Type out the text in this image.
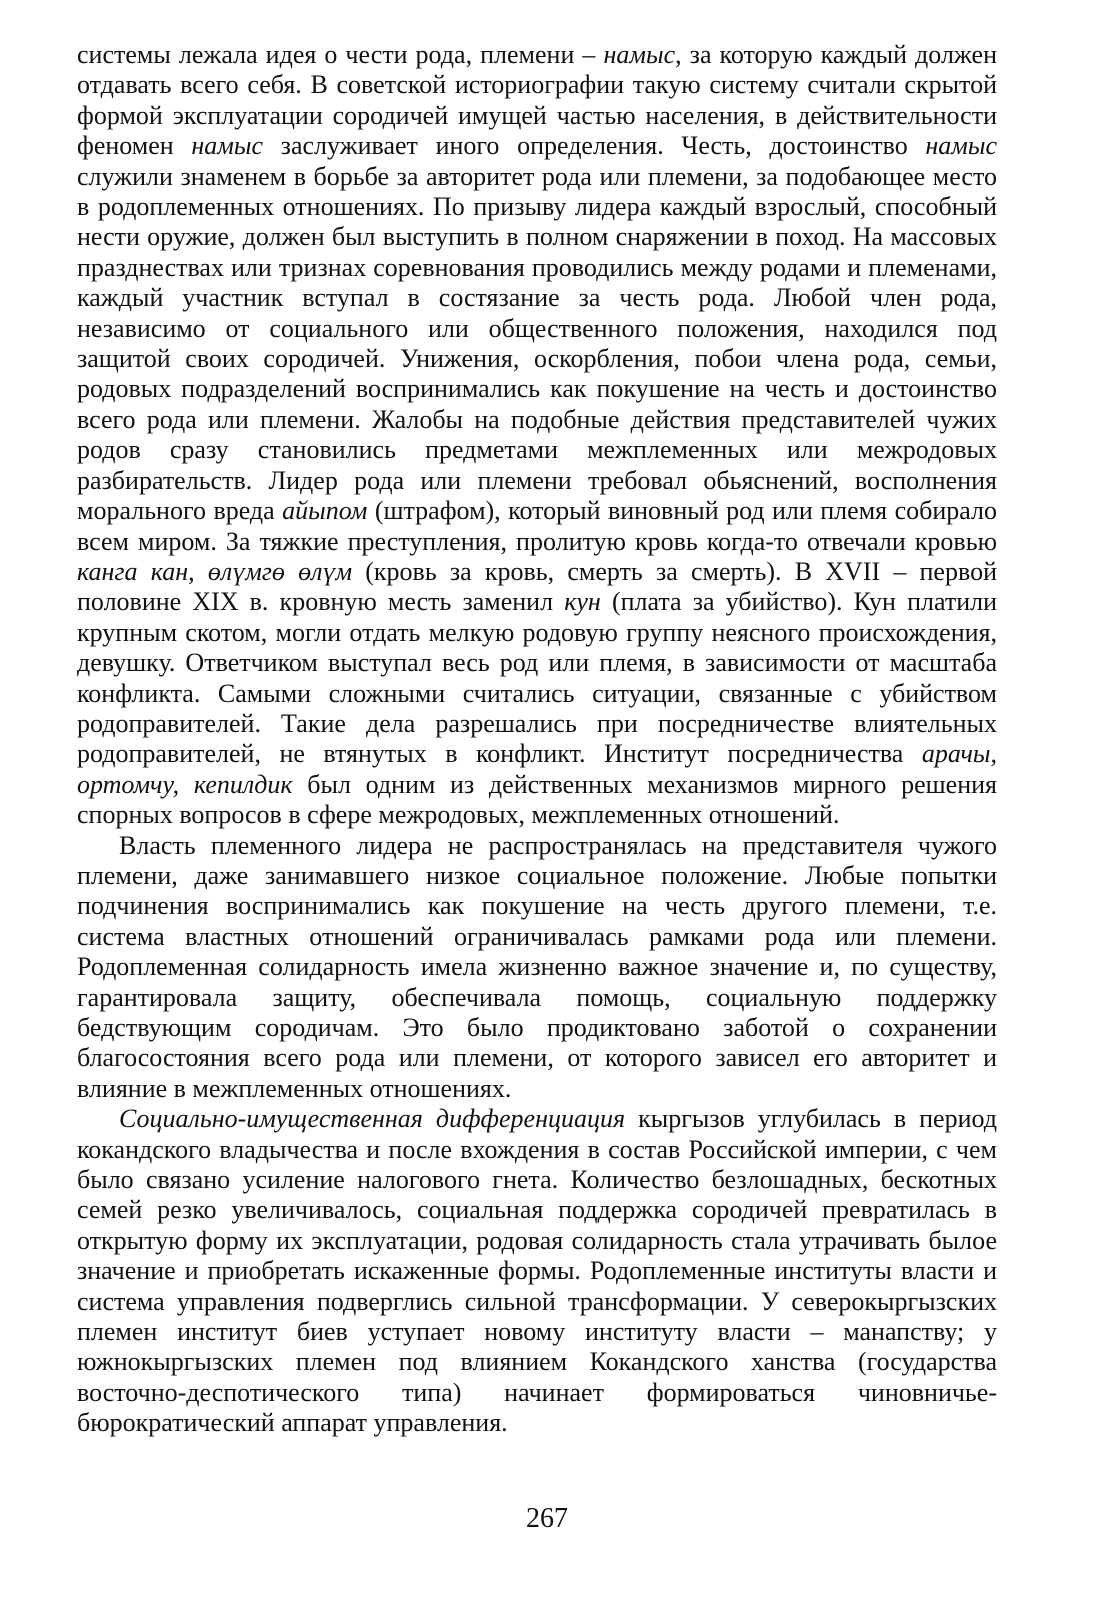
системы лежала идея о чести рода, племени – намыс, за которую каждый должен отдавать всего себя. В советской историографии такую систему считали скрытой формой эксплуатации сородичей имущей частью населения, в действительности феномен намыс заслуживает иного определения. Честь, достоинство намыс служили знаменем в борьбе за авторитет рода или племени, за подобающее место в родоплеменных отношениях. По призыву лидера каждый взрослый, способный нести оружие, должен был выступить в полном снаряжении в поход. На массовых празднествах или тризнах соревнования проводились между родами и племенами, каждый участник вступал в состязание за честь рода. Любой член рода, независимо от социального или общественного положения, находился под защитой своих сородичей. Унижения, оскорбления, побои члена рода, семьи, родовых подразделений воспринимались как покушение на честь и достоинство всего рода или племени. Жалобы на подобные действия представителей чужих родов сразу становились предметами межплеменных или межродовых разбирательств. Лидер рода или племени требовал обьяснений, восполнения морального вреда айыпом (штрафом), который виновный род или племя собирало всем миром. За тяжкие преступления, пролитую кровь когда-то отвечали кровью канга кан, өлүмгө өлүм (кровь за кровь, смерть за смерть). В XVII – первой половине XIX в. кровную месть заменил кун (плата за убийство). Кун платили крупным скотом, могли отдать мелкую родовую группу неясного происхождения, девушку. Ответчиком выступал весь род или племя, в зависимости от масштаба конфликта. Самыми сложными считались ситуации, связанные с убийством родоправителей. Такие дела разрешались при посредничестве влиятельных родоправителей, не втянутых в конфликт. Институт посредничества арачы, ортомчу, кепилдик был одним из действенных механизмов мирного решения спорных вопросов в сфере межродовых, межплеменных отношений.

Власть племенного лидера не распространялась на представителя чужого племени, даже занимавшего низкое социальное положение. Любые попытки подчинения воспринимались как покушение на честь другого племени, т.е. система властных отношений ограничивалась рамками рода или племени. Родоплеменная солидарность имела жизненно важное значение и, по существу, гарантировала защиту, обеспечивала помощь, социальную поддержку бедствующим сородичам. Это было продиктовано заботой о сохранении благосостояния всего рода или племени, от которого зависел его авторитет и влияние в межплеменных отношениях.

Социально-имущественная дифференциация кыргызов углубилась в период кокандского владычества и после вхождения в состав Российской империи, с чем было связано усиление налогового гнета. Количество безлошадных, бескотных семей резко увеличивалось, социальная поддержка сородичей превратилась в открытую форму их эксплуатации, родовая солидарность стала утрачивать былое значение и приобретать искаженные формы. Родоплеменные институты власти и система управления подверглись сильной трансформации. У северокыргызских племен институт биев уступает новому институту власти – манапству; у южнокыргызских племен под влиянием Кокандского ханства (государства восточно-деспотического типа) начинает формироваться чиновничье-бюрократический аппарат управления.

267
